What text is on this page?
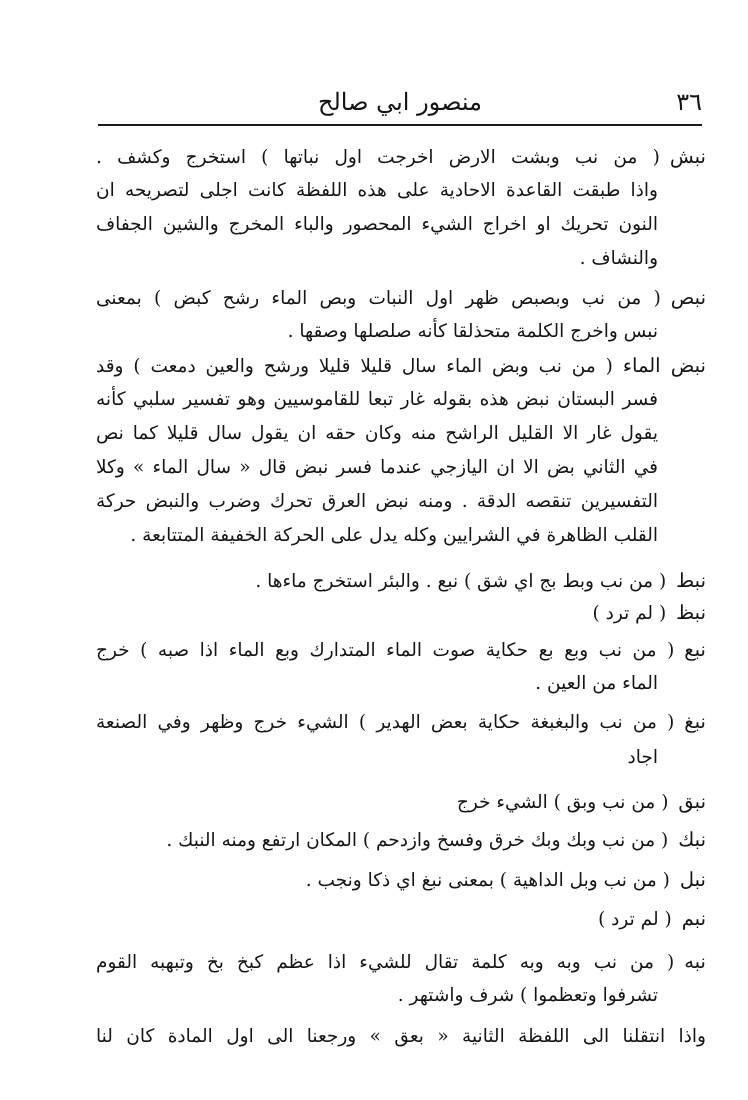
٣٦
منصور ابي صالح
نبش( من نب وبشت الارض اخرجت اول نباتها ) استخرج وكشف .
واذا طبقت القاعدة الاحادية على هذه اللفظة كانت اجلى لتصريحه ان
النون تحريك او اخراج الشيء المحصور والباء المخرج والشين الجفاف
والنشاف .
نبص( من نب وبصبص ظهر اول النبات وبص الماء رشح كبض ) بمعنى
نبس واخرج الكلمة متحذلقا كأنه صلصلها وصقها .
نبض الماء( من نب وبض الماء سال قليلا قليلا ورشح والعين دمعت ) وقد
فسر البستان نبض هذه بقوله غار تبعا للقاموسيين وهو تفسير سلبي كأنه
يقول غار الا القليل الراشح منه وكان حقه ان يقول سال قليلا كما نص
في الثاني بض الا ان اليازجي عندما فسر نبض قال « سال الماء » وكلا
التفسيرين تنقصه الدقة . ومنه نبض العرق تحرك وضرب والنبض حركة
القلب الظاهرة في الشرايين وكله يدل على الحركة الخفيفة المتتابعة .
نبط( من نب وبط بج اي شق ) نبع . والبئر استخرج ماءها .
نبظ( لم ترد )
نبع( من نب وبع بع حكاية صوت الماء المتدارك وبع الماء اذا صبه ) خرج
الماء من العين .
نبغ( من نب والبغبغة حكاية بعض الهدير ) الشيء خرج وظهر وفي الصنعة
اجاد
نبق( من نب وبق ) الشيء خرج
نبك( من نب وبك وبك خرق وفسخ وازدحم ) المكان ارتفع ومنه النبك .
نبل( من نب وبل الداهية ) بمعنى نبغ اي ذكا ونجب .
نبم( لم ترد )
نبه( من نب وبه وبه كلمة تقال للشيء اذا عظم كبخ بخ وتبهبه القوم
تشرفوا وتعظموا ) شرف واشتهر .
واذا انتقلنا الى اللفظة الثانية « بعق » ورجعنا الى اول المادة كان لنا
